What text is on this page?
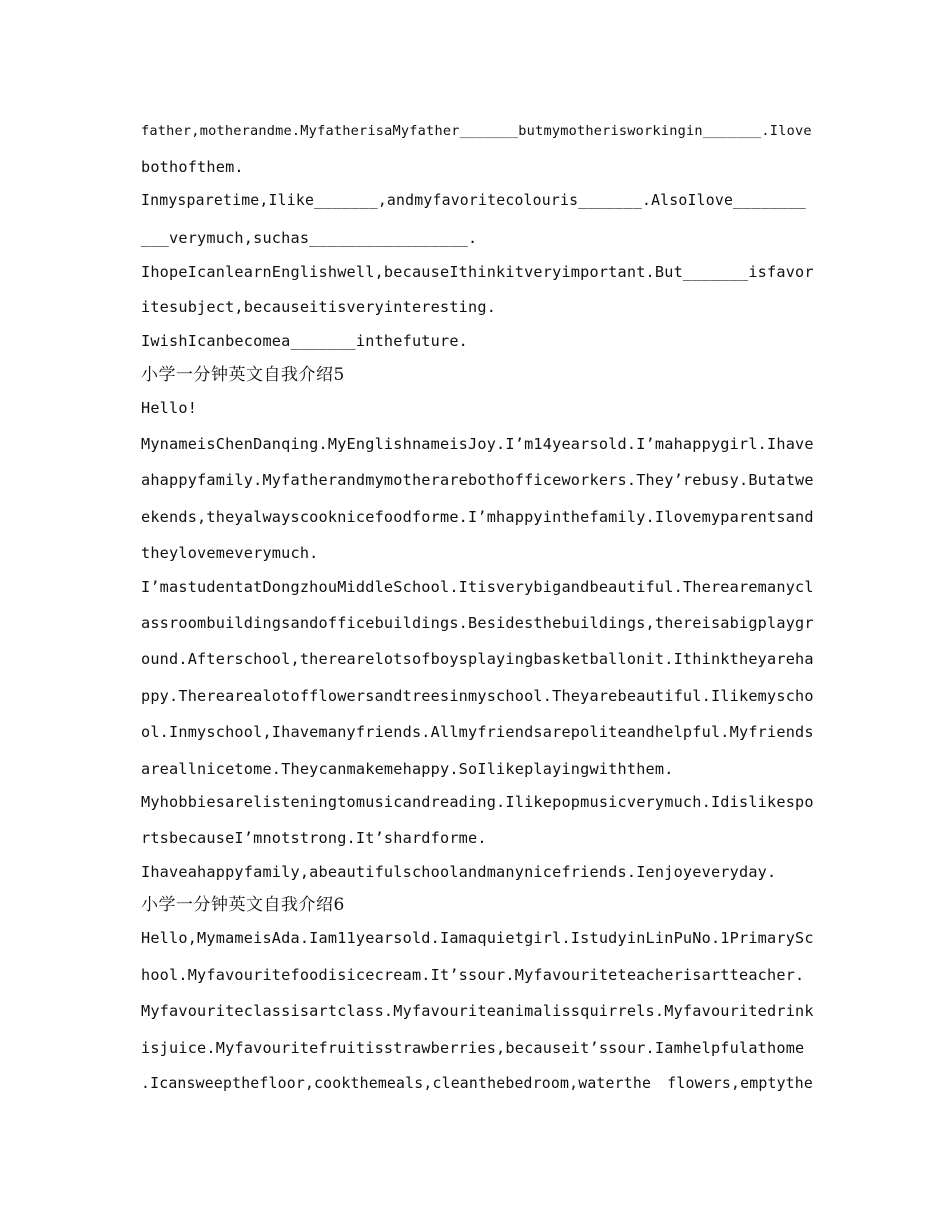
father,motherandme.MyfatherisaMyfather_______butmymotherisworkingin_______.Ilove
bothofthem.
Inmysparetime,Ilike_______,andmyfavoritecolouris_______.AlsoIlove________
___verymuch,suchas_________________.
IhopeIcanlearnEnglishwell,becauseIthinkitveryimportant.But_______isfavor
itesubject,becauseitisveryinteresting.
IwishIcanbecomea_______inthefuture.
小学一分钟英文自我介绍5
Hello!
MynameisChenDanqing.MyEnglishnameisJoy.I’m14yearsold.I’mahappygirl.Ihave
ahappyfamily.Myfatherandmymotherarebothofficeworkers.They’rebusy.Butatwe
ekends,theyalwayscooknicefoodforme.I’mhappyinthefamily.Ilovemyparentsand
theylovemeverymuch.
I’mastudentatDongzhouMiddleSchool.Itisverybigandbeautiful.Therearemanycl
assroombuildingsandofficebuildings.Besidesthebuildings,thereisabigplaygr
ound.Afterschool,therearelotsofboysplayingbasketballonit.Ithinktheyareha
ppy.Therearealotofflowersandtreesinmyschool.Theyarebeautiful.Ilikemyscho
ol.Inmyschool,Ihavemanyfriends.Allmyfriendsarepoliteandhelpful.Myfriends
areallnicetome.Theycanmakemehappy.SoIlikeplayingwiththem.
Myhobbiesarelisteningtomusicandreading.Ilikepopmusicverymuch.Idislikespo
rtsbecauseI’mnotstrong.It’shardforme.
Ihaveahappyfamily,abeautifulschoolandmanynicefriends.Ienjoyeveryday.
小学一分钟英文自我介绍6
Hello,MymameisAda.Iam11yearsold.Iamaquietgirl.IstudyinLinPuNo.1PrimarySc
hool.Myfavouritefoodisicecream.It’ssour.Myfavouriteteacherisartteacher.
Myfavouriteclassisartclass.Myfavouriteanimalissquirrels.Myfavouritedrink
isjuice.Myfavouritefruitisstrawberries,becauseit’ssour.Iamhelpfulathome
.Icansweepthefloor,cookthemeals,cleanthebedroom,waterthe flowers,emptythe
